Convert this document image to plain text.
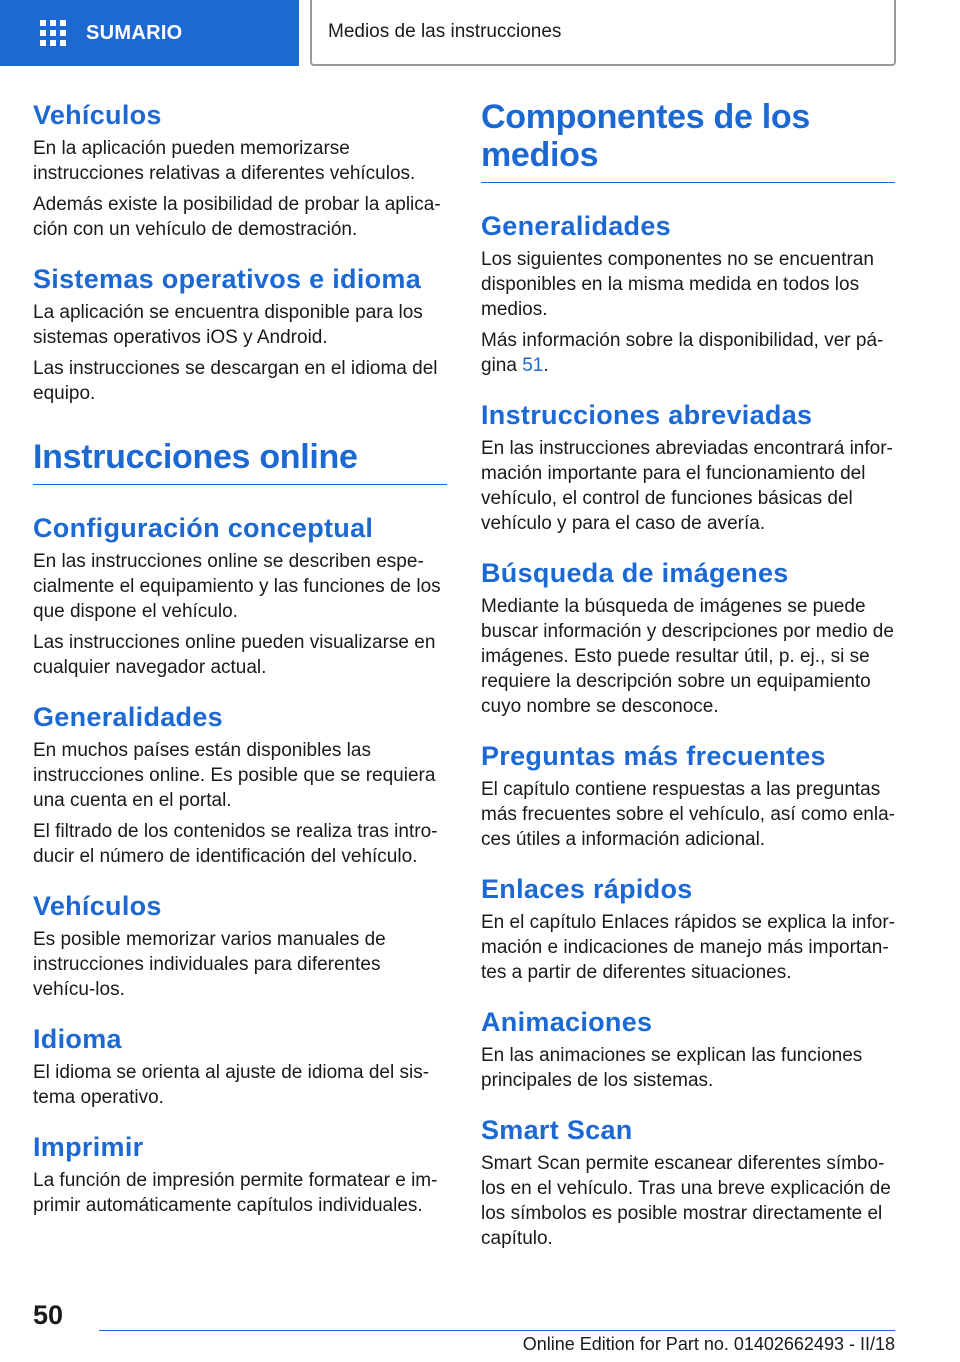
SUMARIO	Medios de las instrucciones
Vehículos

En la aplicación pueden memorizarse instrucciones relativas a diferentes vehículos.

Además existe la posibilidad de probar la aplica‐ción con un vehículo de demostración.

Sistemas operativos e idioma

La aplicación se encuentra disponible para los sistemas operativos iOS y Android.

Las instrucciones se descargan en el idioma del equipo.

Instrucciones online
Configuración conceptual

En las instrucciones online se describen espe‐cialmente el equipamiento y las funciones de los que dispone el vehículo.

Las instrucciones online pueden visualizarse en cualquier navegador actual.

Generalidades

En muchos países están disponibles las instrucciones online. Es posible que se requiera una cuenta en el portal.

El filtrado de los contenidos se realiza tras intro‐ducir el número de identificación del vehículo.

Vehículos

Es posible memorizar varios manuales de instrucciones individuales para diferentes vehícu‐los.

Idioma

El idioma se orienta al ajuste de idioma del sis‐tema operativo.

Imprimir

La función de impresión permite formatear e im‐primir automáticamente capítulos individuales.

Componentes de los medios
Generalidades

Los siguientes componentes no se encuentran disponibles en la misma medida en todos los medios.

Más información sobre la disponibilidad, ver pá‐gina 51.

Instrucciones abreviadas

En las instrucciones abreviadas encontrará infor‐mación importante para el funcionamiento del vehículo, el control de funciones básicas del vehículo y para el caso de avería.

Búsqueda de imágenes

Mediante la búsqueda de imágenes se puede buscar información y descripciones por medio de imágenes. Esto puede resultar útil, p. ej., si se requiere la descripción sobre un equipamiento cuyo nombre se desconoce.

Preguntas más frecuentes

El capítulo contiene respuestas a las preguntas más frecuentes sobre el vehículo, así como enla‐ces útiles a información adicional.

Enlaces rápidos

En el capítulo Enlaces rápidos se explica la infor‐mación e indicaciones de manejo más importan‐tes a partir de diferentes situaciones.

Animaciones

En las animaciones se explican las funciones principales de los sistemas.

Smart Scan

Smart Scan permite escanear diferentes símbo‐los en el vehículo. Tras una breve explicación de los símbolos es posible mostrar directamente el capítulo.

50
Online Edition for Part no. 01402662493 - II/18
